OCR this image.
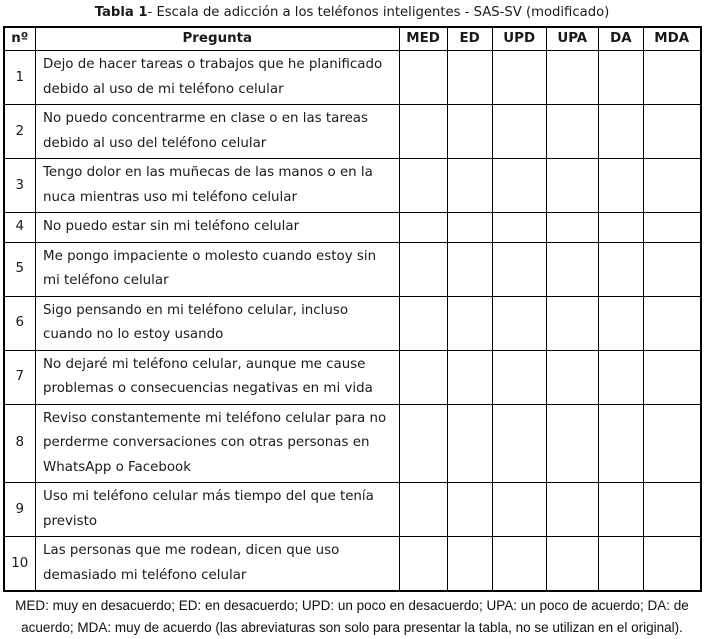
Tabla 1- Escala de adicción a los teléfonos inteligentes - SAS-SV (modificado)
nº	Pregunta	MED	ED	UPD	UPA	DA	MDA
1	Dejo de hacer tareas o trabajos que he planificado debido al uso de mi teléfono celular						
2	No puedo concentrarme en clase o en las tareas debido al uso del teléfono celular						
3	Tengo dolor en las muñecas de las manos o en la nuca mientras uso mi teléfono celular						
4	No puedo estar sin mi teléfono celular						
5	Me pongo impaciente o molesto cuando estoy sin mi teléfono celular						
6	Sigo pensando en mi teléfono celular, incluso cuando no lo estoy usando						
7	No dejaré mi teléfono celular, aunque me cause problemas o consecuencias negativas en mi vida						
8	Reviso constantemente mi teléfono celular para no perderme conversaciones con otras personas en WhatsApp o Facebook						
9	Uso mi teléfono celular más tiempo del que tenía previsto						
10	Las personas que me rodean, dicen que uso demasiado mi teléfono celular						
MED: muy en desacuerdo; ED: en desacuerdo; UPD: un poco en desacuerdo; UPA: un poco de acuerdo; DA: de acuerdo; MDA: muy de acuerdo (las abreviaturas son solo para presentar la tabla, no se utilizan en el original).
